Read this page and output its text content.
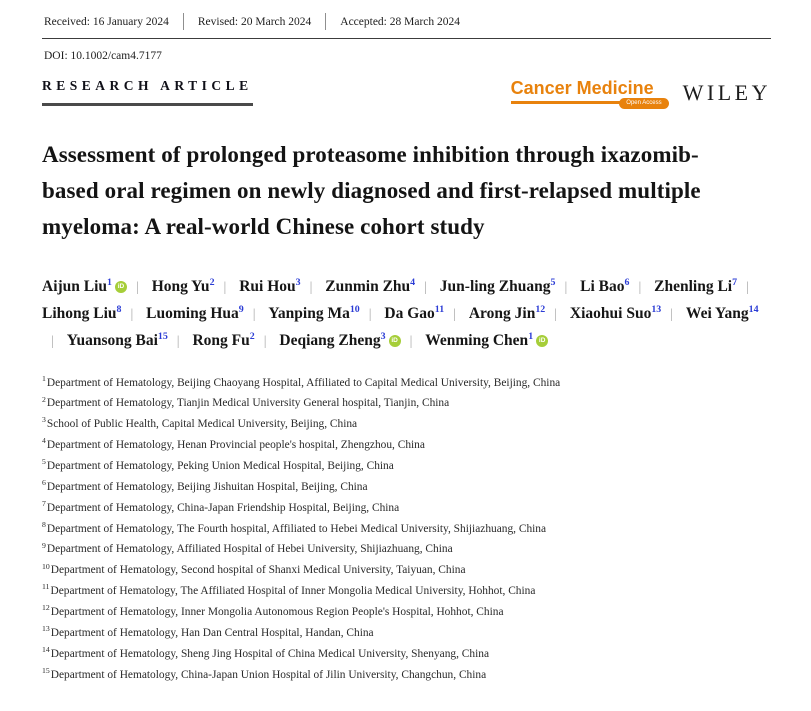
Received: 16 January 2024	Revised: 20 March 2024	Accepted: 28 March 2024
DOI: 10.1002/cam4.7177
RESEARCH ARTICLE	Cancer Medicine
Open Access WILEY
Assessment of prolonged proteasome inhibition through ixazomib-based oral regimen on newly diagnosed and first-relapsed multiple myeloma: A real-world Chinese cohort study
Aijun Liu$^1$ iD | Hong Yu$^2$ | Rui Hou$^3$ | Zunmin Zhu$^4$ | Jun-ling Zhuang$^5$ | Li Bao$^6$ | Zhenling Li$^7$ | Lihong Liu$^8$ | Luoming Hua$^9$ | Yanping Ma$^{10}$ | Da Gao$^{11}$ | Arong Jin$^{12}$ | Xiaohui Suo$^{13}$ | Wei Yang$^{14}$| Yuansong Bai$^{15}$ | Rong Fu$^2$ | Deqiang Zheng$^3$ iD | Wenming Chen$^1$ iD
$^1$Department of Hematology, Beijing Chaoyang Hospital, Affiliated to Capital Medical University, Beijing, China
$^2$Department of Hematology, Tianjin Medical University General hospital, Tianjin, China
$^3$School of Public Health, Capital Medical University, Beijing, China
$^4$Department of Hematology, Henan Provincial people's hospital, Zhengzhou, China
$^5$Department of Hematology, Peking Union Medical Hospital, Beijing, China
$^6$Department of Hematology, Beijing Jishuitan Hospital, Beijing, China
$^7$Department of Hematology, China-Japan Friendship Hospital, Beijing, China
$^8$Department of Hematology, The Fourth hospital, Affiliated to Hebei Medical University, Shijiazhuang, China
$^9$Department of Hematology, Affiliated Hospital of Hebei University, Shijiazhuang, China
$^{10}$Department of Hematology, Second hospital of Shanxi Medical University, Taiyuan, China
$^{11}$Department of Hematology, The Affiliated Hospital of Inner Mongolia Medical University, Hohhot, China
$^{12}$Department of Hematology, Inner Mongolia Autonomous Region People's Hospital, Hohhot, China
$^{13}$Department of Hematology, Han Dan Central Hospital, Handan, China
$^{14}$Department of Hematology, Sheng Jing Hospital of China Medical University, Shenyang, China
$^{15}$Department of Hematology, China-Japan Union Hospital of Jilin University, Changchun, China
